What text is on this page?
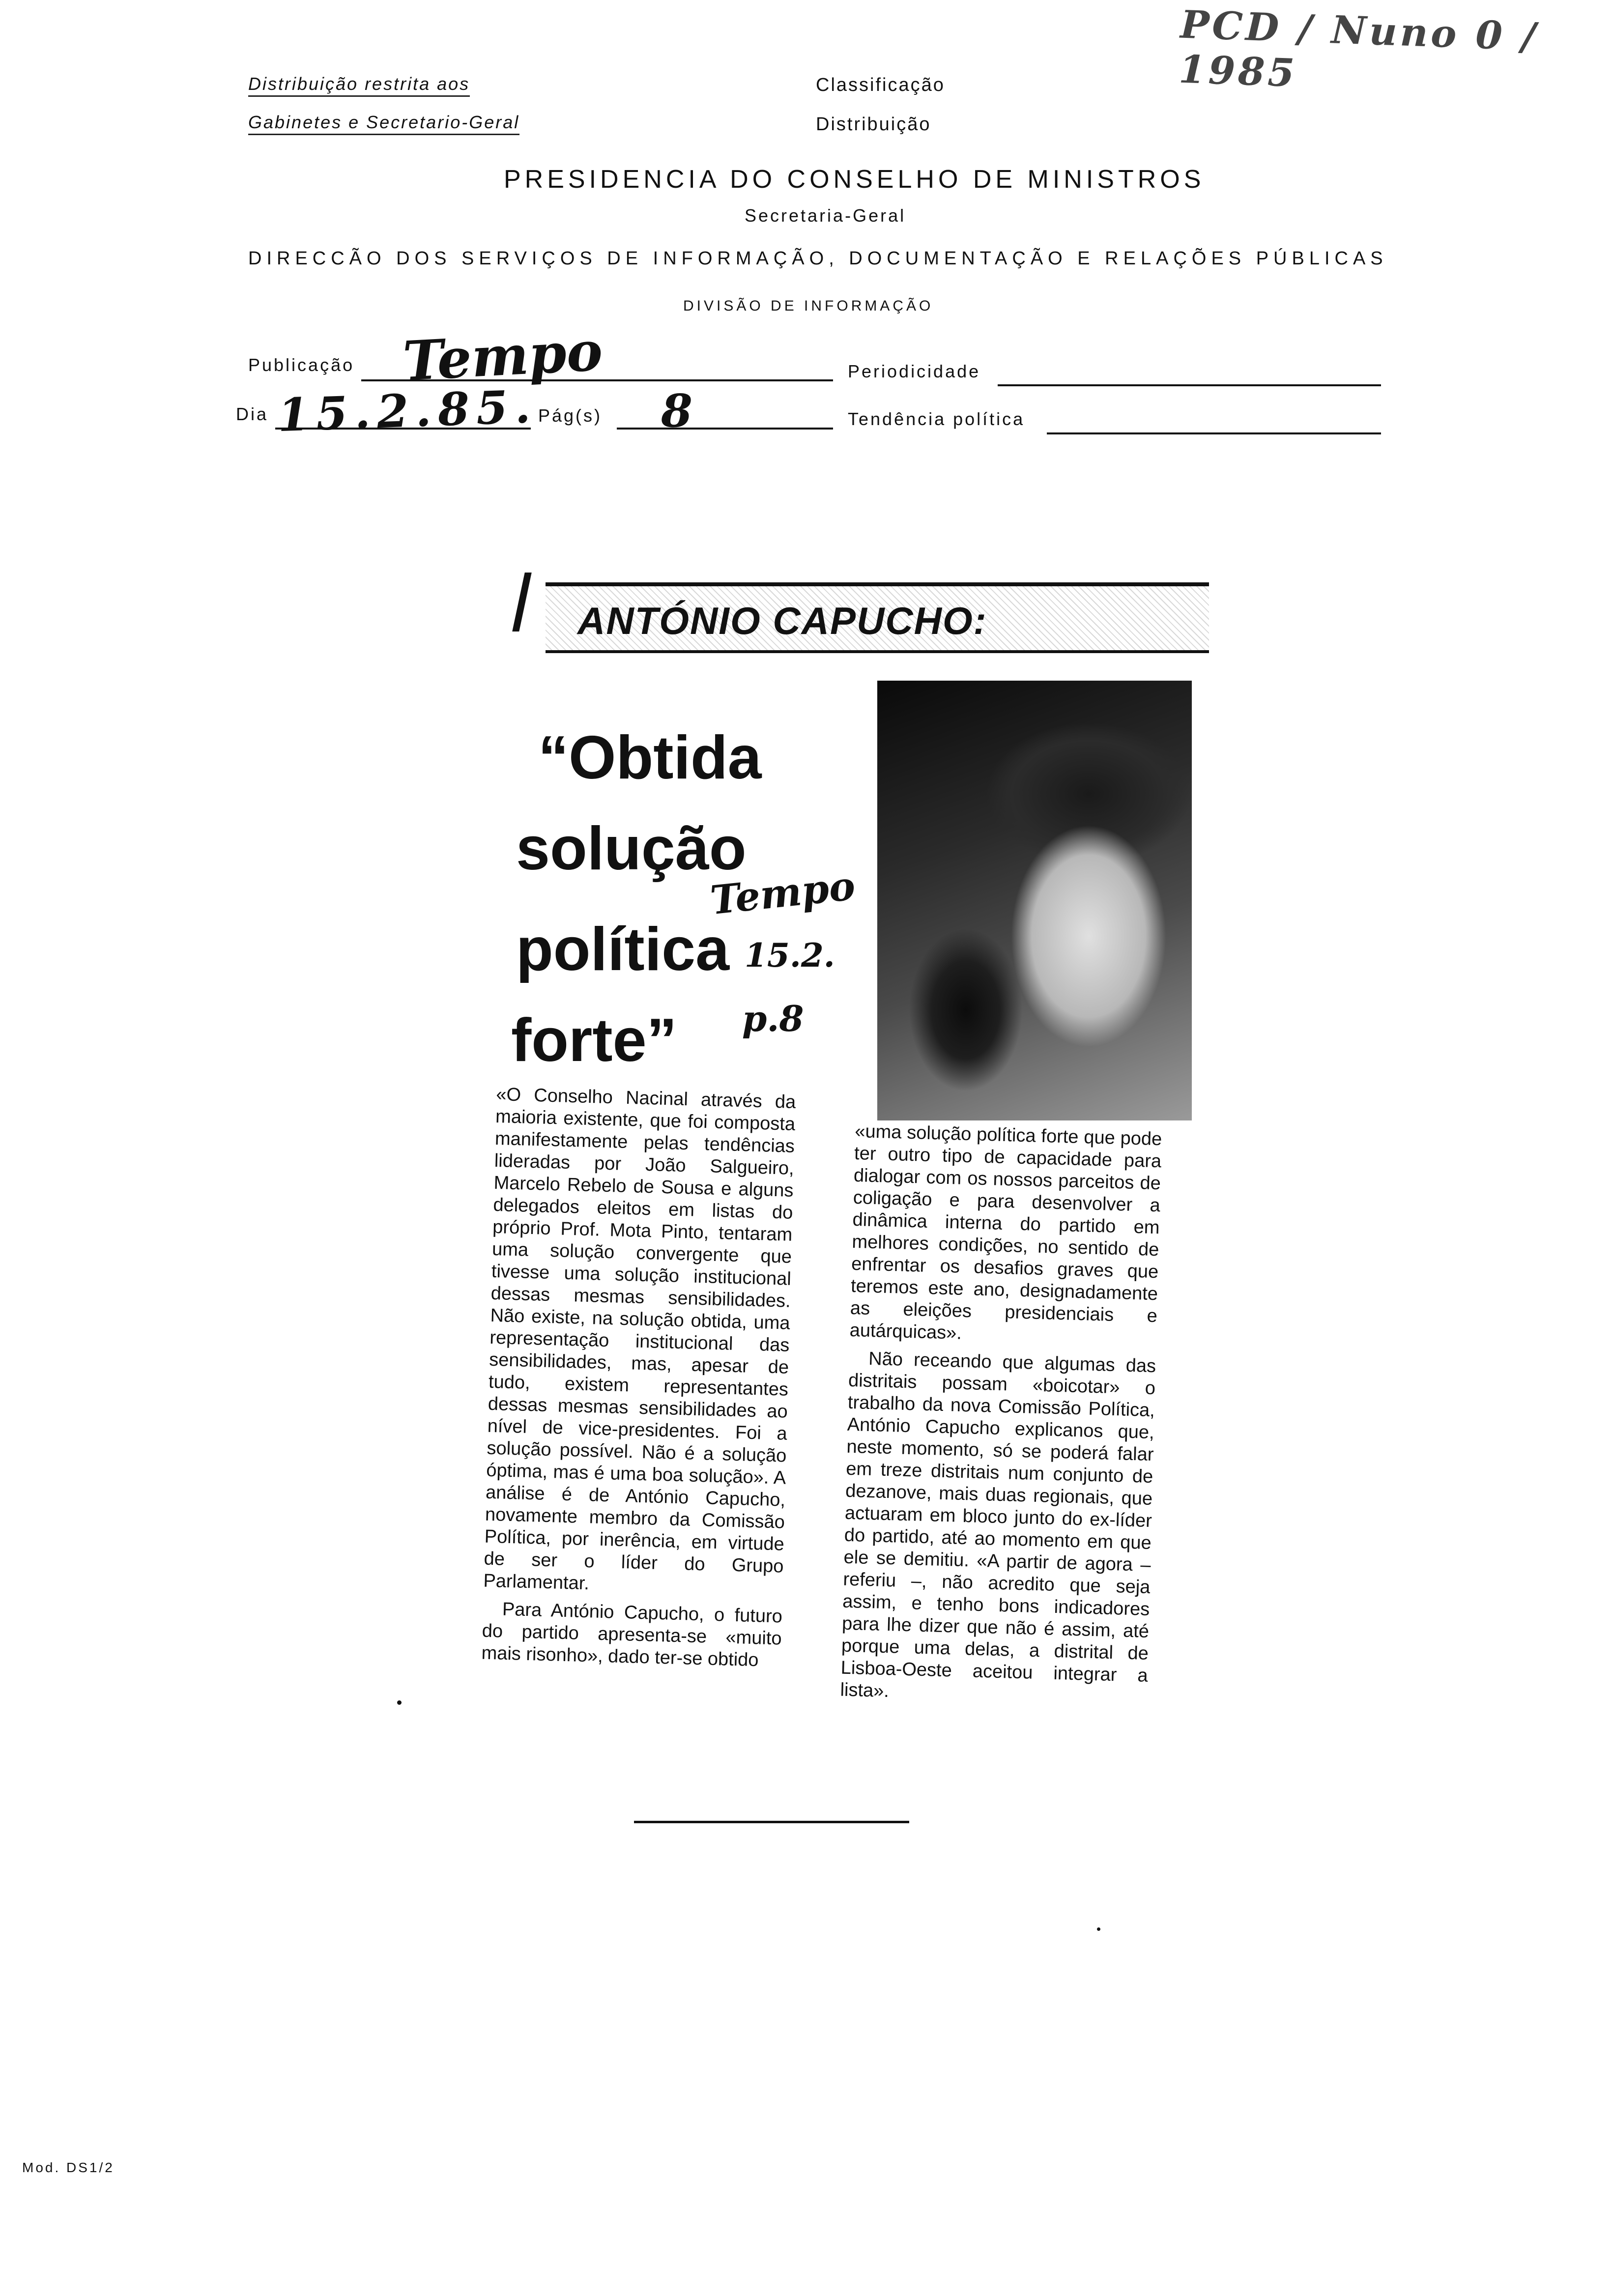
PCD / Nuno 0 / 1985
Distribuição restrita aos
Gabinetes e Secretario-Geral
Classificação
Distribuição
PRESIDENCIA DO CONSELHO DE MINISTROS
Secretaria-Geral
DIRECCÃO DOS SERVIÇOS DE INFORMAÇÃO, DOCUMENTAÇÃO E RELAÇÕES PÚBLICAS
DIVISÃO DE INFORMAÇÃO
Publicação Tempo	Periodicidade
Dia 15.2.85. Pág(s) 8	Tendência política
ANTÓNIO CAPUCHO:
“Obtida
solução
política
forte”
Tempo
15.2.
p.8

«O Conselho Nacinal através da maioria existente, que foi composta manifestamente pelas tendências lideradas por João Salgueiro, Marcelo Rebelo de Sousa e alguns delegados eleitos em listas do próprio Prof. Mota Pinto, tentaram uma solução convergente que tivesse uma solução institucional dessas mesmas sensibilidades. Não existe, na solução obtida, uma representação institucional das sensibilidades, mas, apesar de tudo, existem representantes dessas mesmas sensibilidades ao nível de vice-presidentes. Foi a solução possível. Não é a solução óptima, mas é uma boa solução». A análise é de António Capucho, novamente membro da Comissão Política, por inerência, em virtude de ser o líder do Grupo Parlamentar.

Para António Capucho, o futuro do partido apresenta-se «muito mais risonho», dado ter-se obtido

«uma solução política forte que pode ter outro tipo de capacidade para dialogar com os nossos parceitos de coligação e para desenvolver a dinâmica interna do partido em melhores condições, no sentido de enfrentar os desafios graves que teremos este ano, designadamente as eleições presidenciais e autárquicas».

Não receando que algumas das distritais possam «boicotar» o trabalho da nova Comissão Política, António Capucho explicanos que, neste momento, só se poderá falar em treze distritais num conjunto de dezanove, mais duas regionais, que actuaram em bloco junto do ex-líder do partido, até ao momento em que ele se demitiu. «A partir de agora – referiu –, não acredito que seja assim, e tenho bons indicadores para lhe dizer que não é assim, até porque uma delas, a distrital de Lisboa-Oeste aceitou integrar a lista».

Mod. DS1/2
